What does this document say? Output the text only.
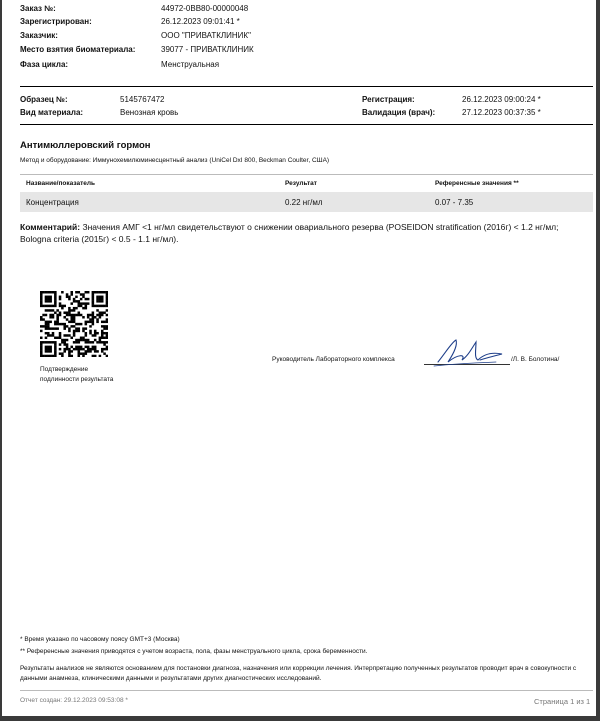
Заказ №:	44972-0BB80-00000048
Зарегистрирован:	26.12.2023 09:01:41 *
Заказчик:	ООО "ПРИВАТКЛИНИК"
Место взятия биоматериала:	39077 - ПРИВАТКЛИНИК
Фаза цикла:	Менструальная
Образец №:	5145767472	Регистрация:	26.12.2023 09:00:24 *
Вид материала:	Венозная кровь	Валидация (врач):	27.12.2023 00:37:35 *
Антимюллеровский гормон
Метод и оборудование: Иммунохемилюминесцентный анализ (UniCel DxI 800, Beckman Coulter, США)
Название/показатель	Результат	Референсные значения **
Концентрация	0.22 нг/мл	0.07 - 7.35
Комментарий: Значения АМГ <1 нг/мл свидетельствуют о снижении овариального резерва (POSEIDON stratification (2016г) < 1.2 нг/мл; Bologna criteria (2015г) < 0.5 - 1.1 нг/мл).
Подтверждение
подлинности результата
Руководитель Лабораторного комплекса	/Л. В. Болотина/
* Время указано по часовому поясу GMT+3 (Москва)
** Референсные значения приводятся с учетом возраста, пола, фазы менструального цикла, срока беременности.
Результаты анализов не являются основанием для постановки диагноза, назначения или коррекции лечения. Интерпретацию полученных результатов проводит врач в совокупности с данными анамнеза, клиническими данными и результатами других диагностических исследований.
Отчет создан: 29.12.2023 09:53:08 *	Страница 1 из 1
